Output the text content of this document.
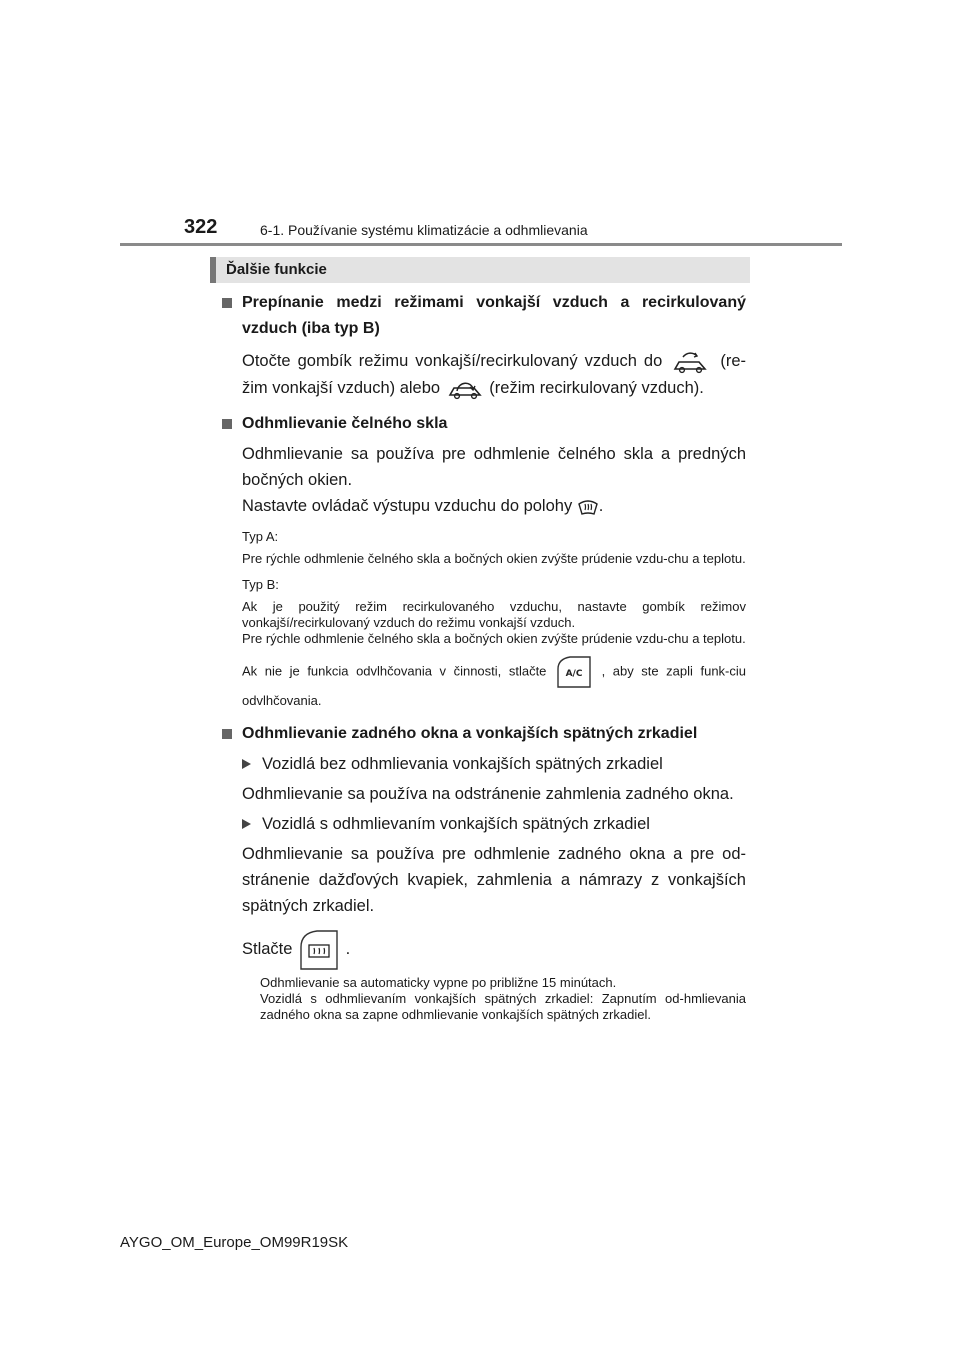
322	6-1. Používanie systému klimatizácie a odhmlievania
Ďalšie funkcie
Prepínanie medzi režimami vonkajší vzduch a recirkulovaný vzduch (iba typ B)
Otočte gombík režimu vonkajší/recirkulovaný vzduch do	(re-žim vonkajší vzduch) alebo	(režim recirkulovaný vzduch).
Odhmlievanie čelného skla
Odhmlievanie sa používa pre odhmlenie čelného skla a predných bočných okien.
Nastavte ovládač výstupu vzduchu do polohy .
Typ A:
Pre rýchle odhmlenie čelného skla a bočných okien zvýšte prúdenie vzdu-chu a teplotu.
Typ B:
Ak je použitý režim recirkulovaného vzduchu, nastavte gombík režimov vonkajší/recirkulovaný vzduch do režimu vonkajší vzduch.
Pre rýchle odhmlenie čelného skla a bočných okien zvýšte prúdenie vzdu-chu a teplotu.
Ak nie je funkcia odvlhčovania v činnosti, stlačte A/C , aby ste zapli funk-ciu odvlhčovania.
Odhmlievanie zadného okna a vonkajších spätných zrkadiel
Vozidlá bez odhmlievania vonkajších spätných zrkadiel
Odhmlievanie sa používa na odstránenie zahmlenia zadného okna.
Vozidlá s odhmlievaním vonkajších spätných zrkadiel
Odhmlievanie sa používa pre odhmlenie zadného okna a pre od-stránenie dažďových kvapiek, zahmlenia a námrazy z vonkajších spätných zrkadiel.
Stlačte	.
Odhmlievanie sa automaticky vypne po približne 15 minútach.
Vozidlá s odhmlievaním vonkajších spätných zrkadiel: Zapnutím od-hmlievania zadného okna sa zapne odhmlievanie vonkajších spätných zrkadiel.
AYGO_OM_Europe_OM99R19SK
